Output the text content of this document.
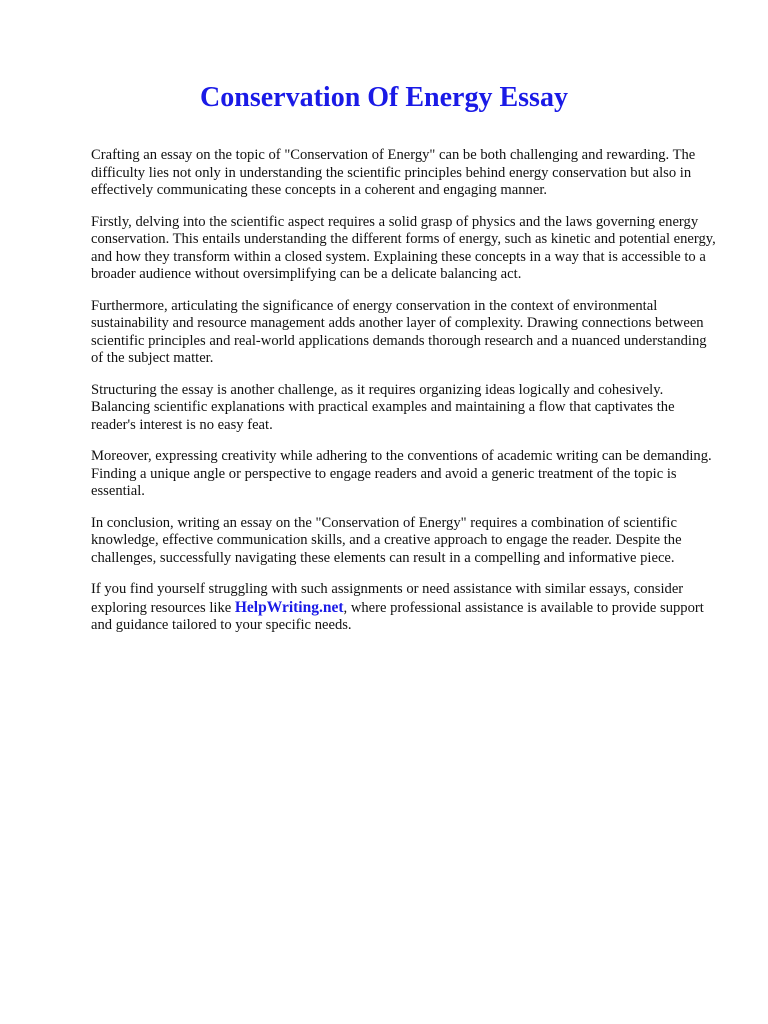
Conservation Of Energy Essay

Crafting an essay on the topic of "Conservation of Energy" can be both challenging and rewarding. The difficulty lies not only in understanding the scientific principles behind energy conservation but also in effectively communicating these concepts in a coherent and engaging manner.

Firstly, delving into the scientific aspect requires a solid grasp of physics and the laws governing energy conservation. This entails understanding the different forms of energy, such as kinetic and potential energy, and how they transform within a closed system. Explaining these concepts in a way that is accessible to a broader audience without oversimplifying can be a delicate balancing act.

Furthermore, articulating the significance of energy conservation in the context of environmental sustainability and resource management adds another layer of complexity. Drawing connections between scientific principles and real-world applications demands thorough research and a nuanced understanding of the subject matter.

Structuring the essay is another challenge, as it requires organizing ideas logically and cohesively. Balancing scientific explanations with practical examples and maintaining a flow that captivates the reader's interest is no easy feat.

Moreover, expressing creativity while adhering to the conventions of academic writing can be demanding. Finding a unique angle or perspective to engage readers and avoid a generic treatment of the topic is essential.

In conclusion, writing an essay on the "Conservation of Energy" requires a combination of scientific knowledge, effective communication skills, and a creative approach to engage the reader. Despite the challenges, successfully navigating these elements can result in a compelling and informative piece.

If you find yourself struggling with such assignments or need assistance with similar essays, consider exploring resources like HelpWriting.net, where professional assistance is available to provide support and guidance tailored to your specific needs.
